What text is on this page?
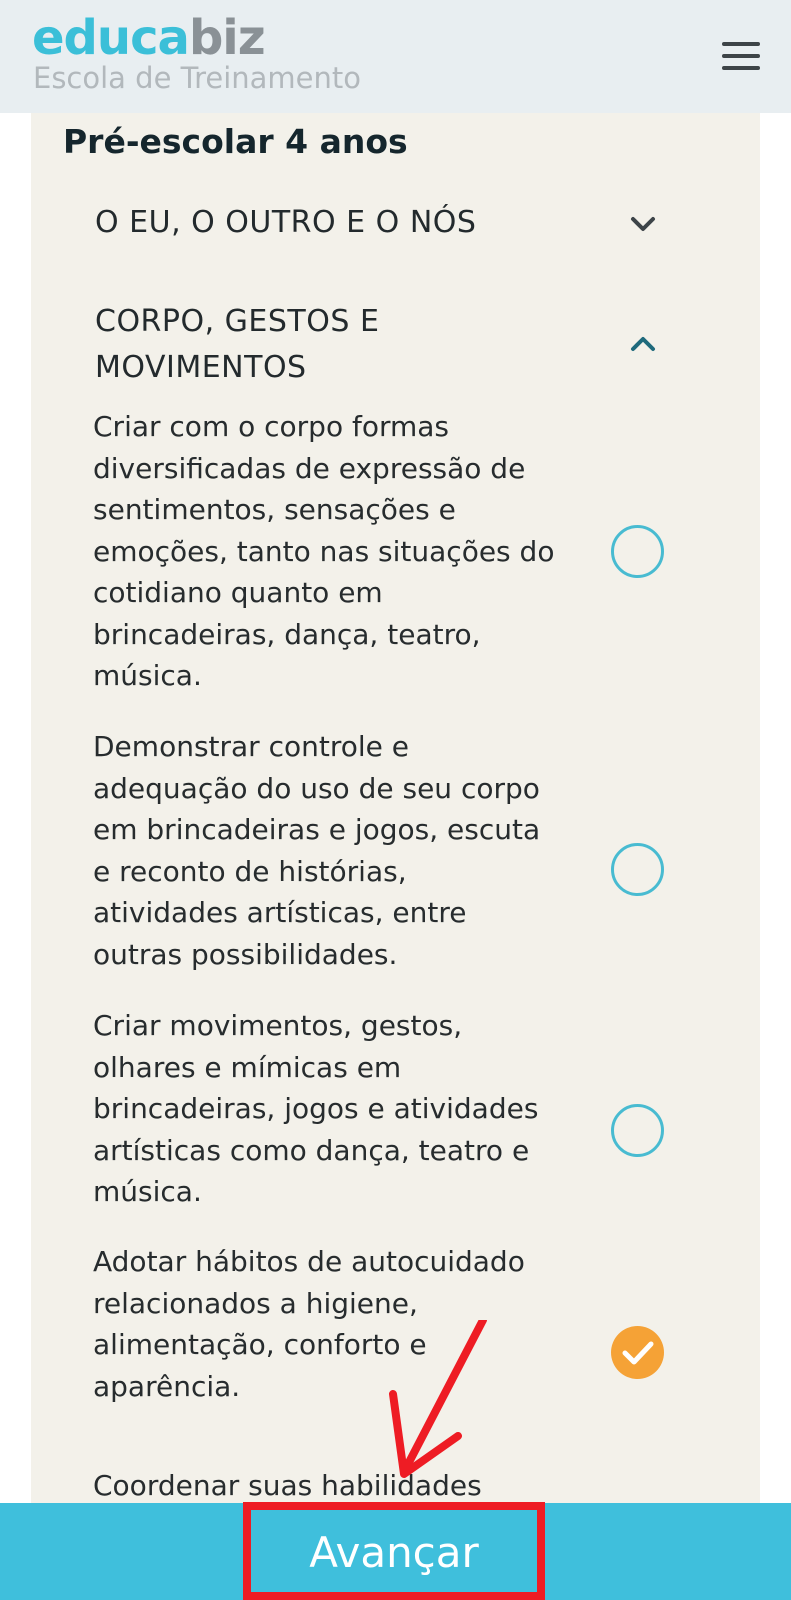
educabiz
Escola de Treinamento
Pré-escolar 4 anos
O EU, O OUTRO E O NÓS
CORPO, GESTOS E
MOVIMENTOS
Criar com o corpo formas
diversificadas de expressão de
sentimentos, sensações e
emoções, tanto nas situações do
cotidiano quanto em
brincadeiras, dança, teatro,
música.
Demonstrar controle e
adequação do uso de seu corpo
em brincadeiras e jogos, escuta
e reconto de histórias,
atividades artísticas, entre
outras possibilidades.
Criar movimentos, gestos,
olhares e mímicas em
brincadeiras, jogos e atividades
artísticas como dança, teatro e
música.
Adotar hábitos de autocuidado
relacionados a higiene,
alimentação, conforto e
aparência.
Coordenar suas habilidades
Avançar
